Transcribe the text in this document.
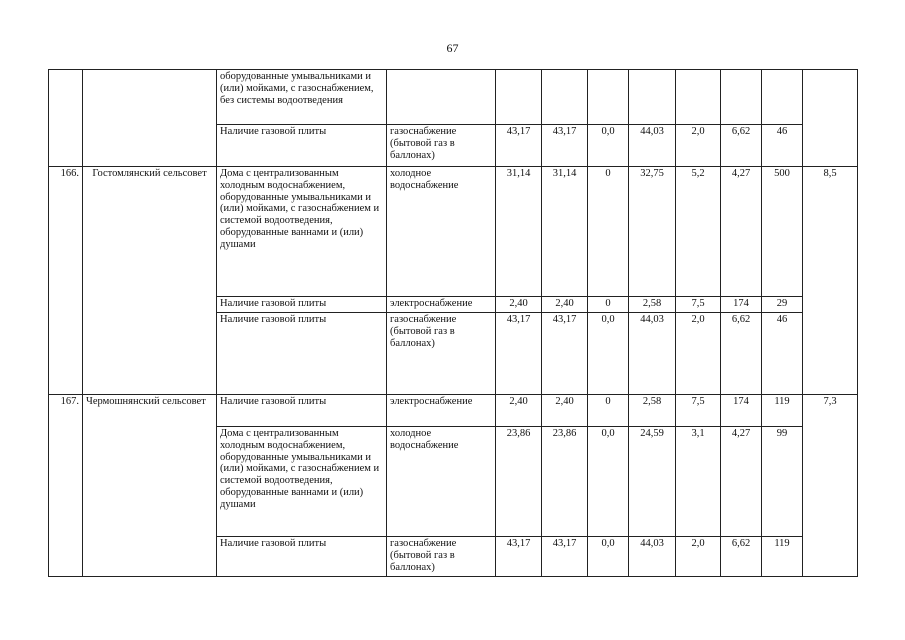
67
		оборудованные умывальниками и (или) мойками, с газоснабжением, без системы водоотведения									
		Наличие газовой плиты	газоснабжение (бытовой газ в баллонах)	43,17	43,17	0,0	44,03	2,0	6,62	46	
166.	Гостомлянский сельсовет	Дома с централизованным холодным водоснабжением, оборудованные умывальниками и (или) мойками, с газоснабжением и системой водоотведения, оборудованные ваннами и (или) душами	холодное водоснабжение	31,14	31,14	0	32,75	5,2	4,27	500	8,5
		Наличие газовой плиты	электроснабжение	2,40	2,40	0	2,58	7,5	174	29	
		Наличие газовой плиты	газоснабжение (бытовой газ в баллонах)	43,17	43,17	0,0	44,03	2,0	6,62	46	
167.	Чермошнянский сельсовет	Наличие газовой плиты	электроснабжение	2,40	2,40	0	2,58	7,5	174	119	7,3
		Дома с централизованным холодным водоснабжением, оборудованные умывальниками и (или) мойками, с газоснабжением и системой водоотведения, оборудованные ваннами и (или) душами	холодное водоснабжение	23,86	23,86	0,0	24,59	3,1	4,27	99	
		Наличие газовой плиты	газоснабжение (бытовой газ в баллонах)	43,17	43,17	0,0	44,03	2,0	6,62	119	
